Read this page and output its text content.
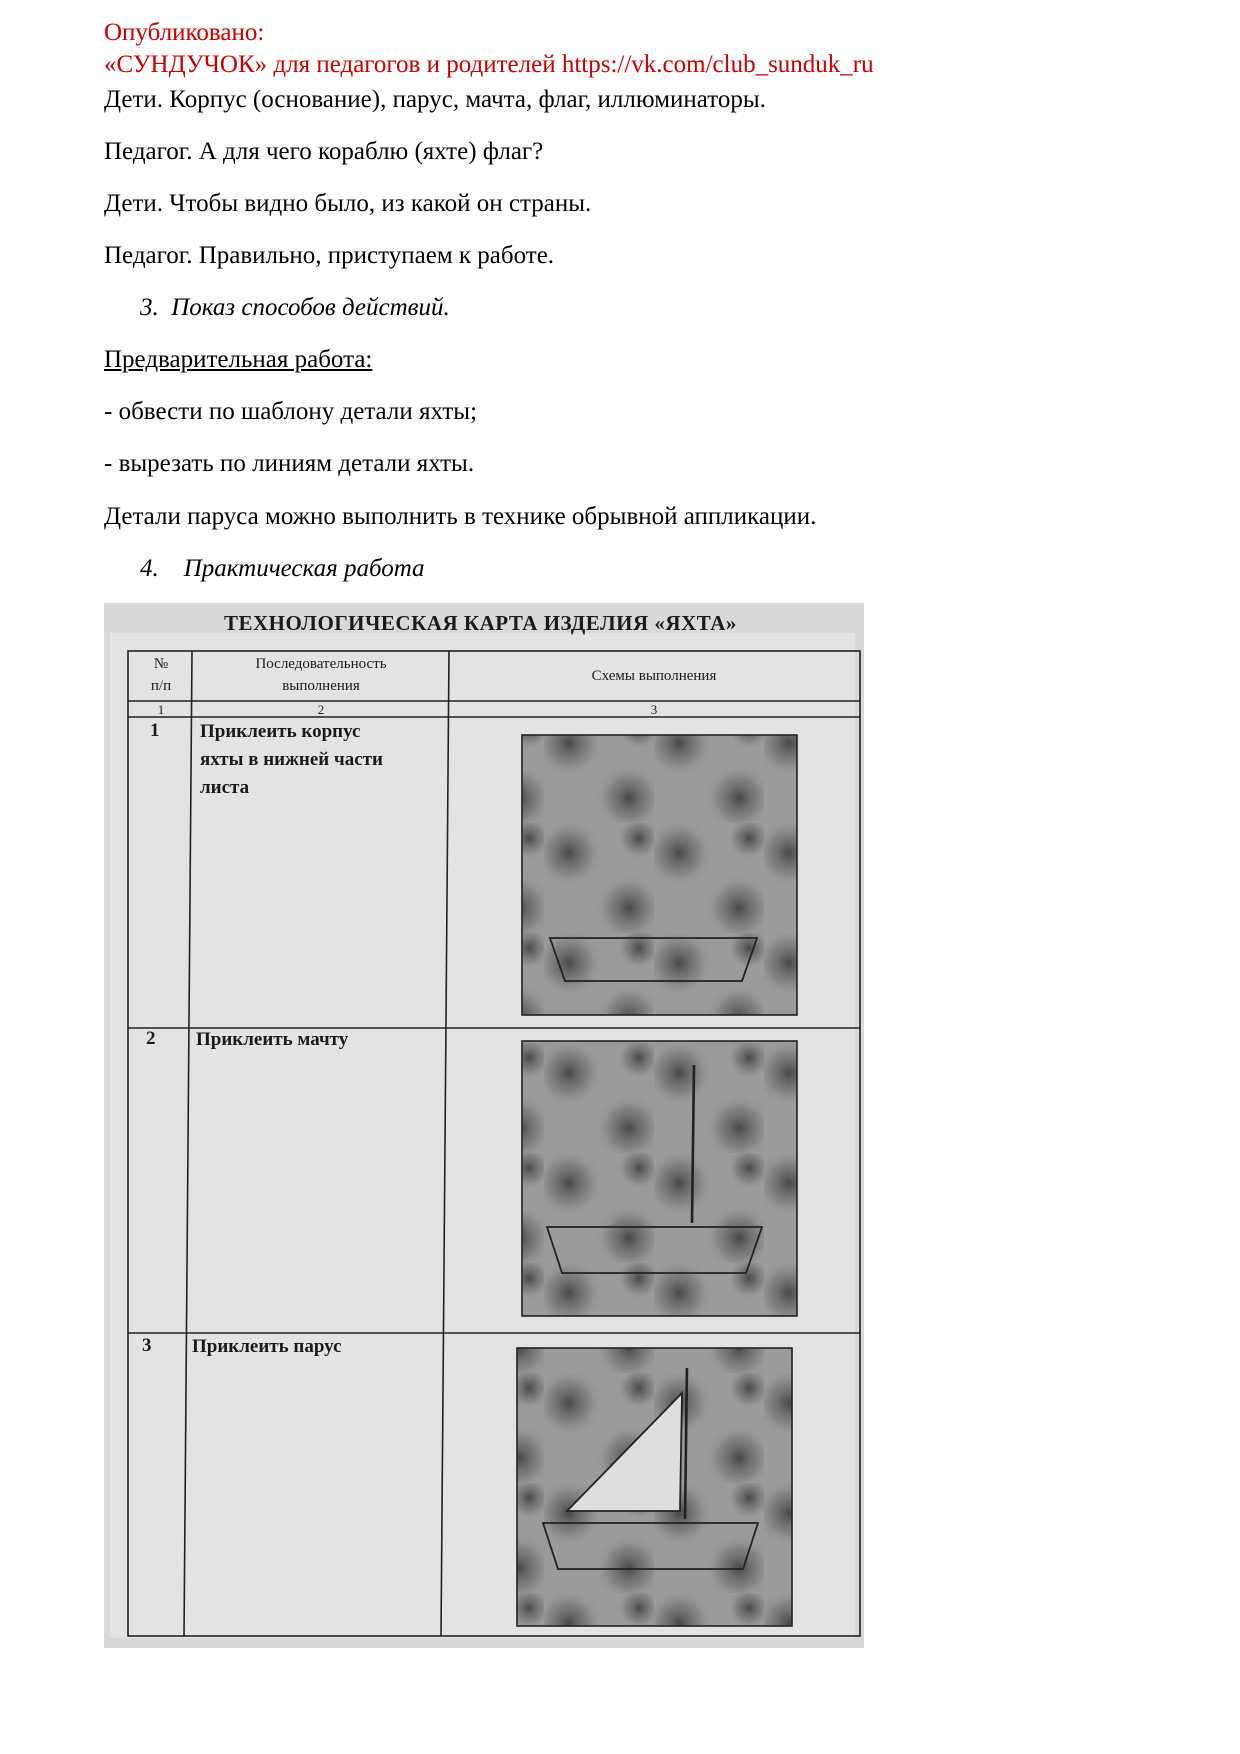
Опубликовано:
«СУНДУЧОК» для педагогов и родителей https://vk.com/club_sunduk_ru
Дети. Корпус (основание), парус, мачта, флаг, иллюминаторы.
Педагог. А для чего кораблю (яхте) флаг?
Дети. Чтобы видно было, из какой он страны.
Педагог. Правильно, приступаем к работе.
3. Показ способов действий.
Предварительная работа:
- обвести по шаблону детали яхты;
- вырезать по линиям детали яхты.
Детали паруса можно выполнить в технике обрывной аппликации.
4. Практическая работа
ТЕХНОЛОГИЧЕСКАЯ КАРТА ИЗДЕЛИЯ «ЯХТА»
№
п/п
Последовательность
выполнения
Схемы выполнения
1	2	3
1 Приклеить корпус
яхты в нижней части
листа
2 Приклеить мачту
3 Приклеить парус
